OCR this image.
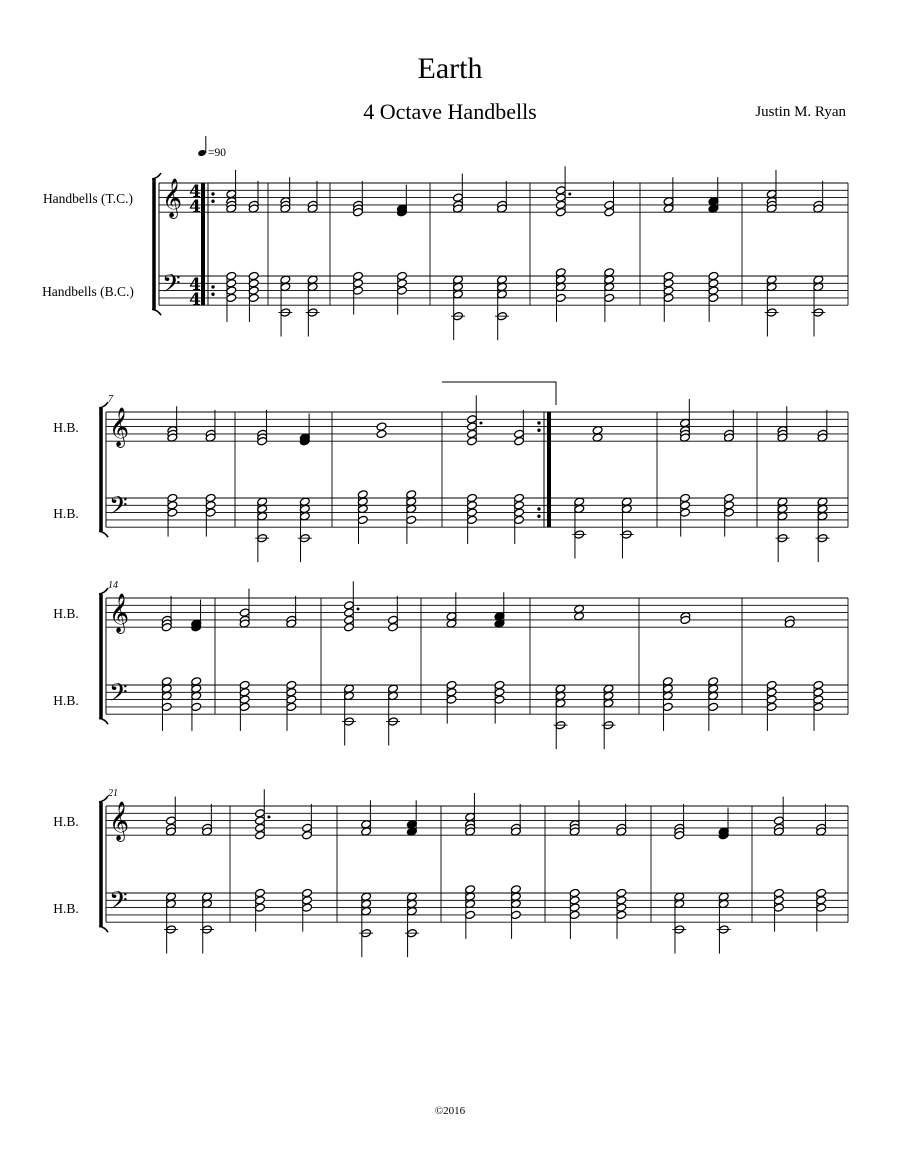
Earth
4 Octave Handbells	Justin M. Ryan
𝄞
𝄢
Handbells (T.C.)
Handbells (B.C.)
𝄞
𝄢
7
H.B.
H.B.
𝄞
𝄢
14
H.B.
H.B.
𝄞
𝄢
21
H.B.
H.B.
=90
4
4
4
4
©2016
